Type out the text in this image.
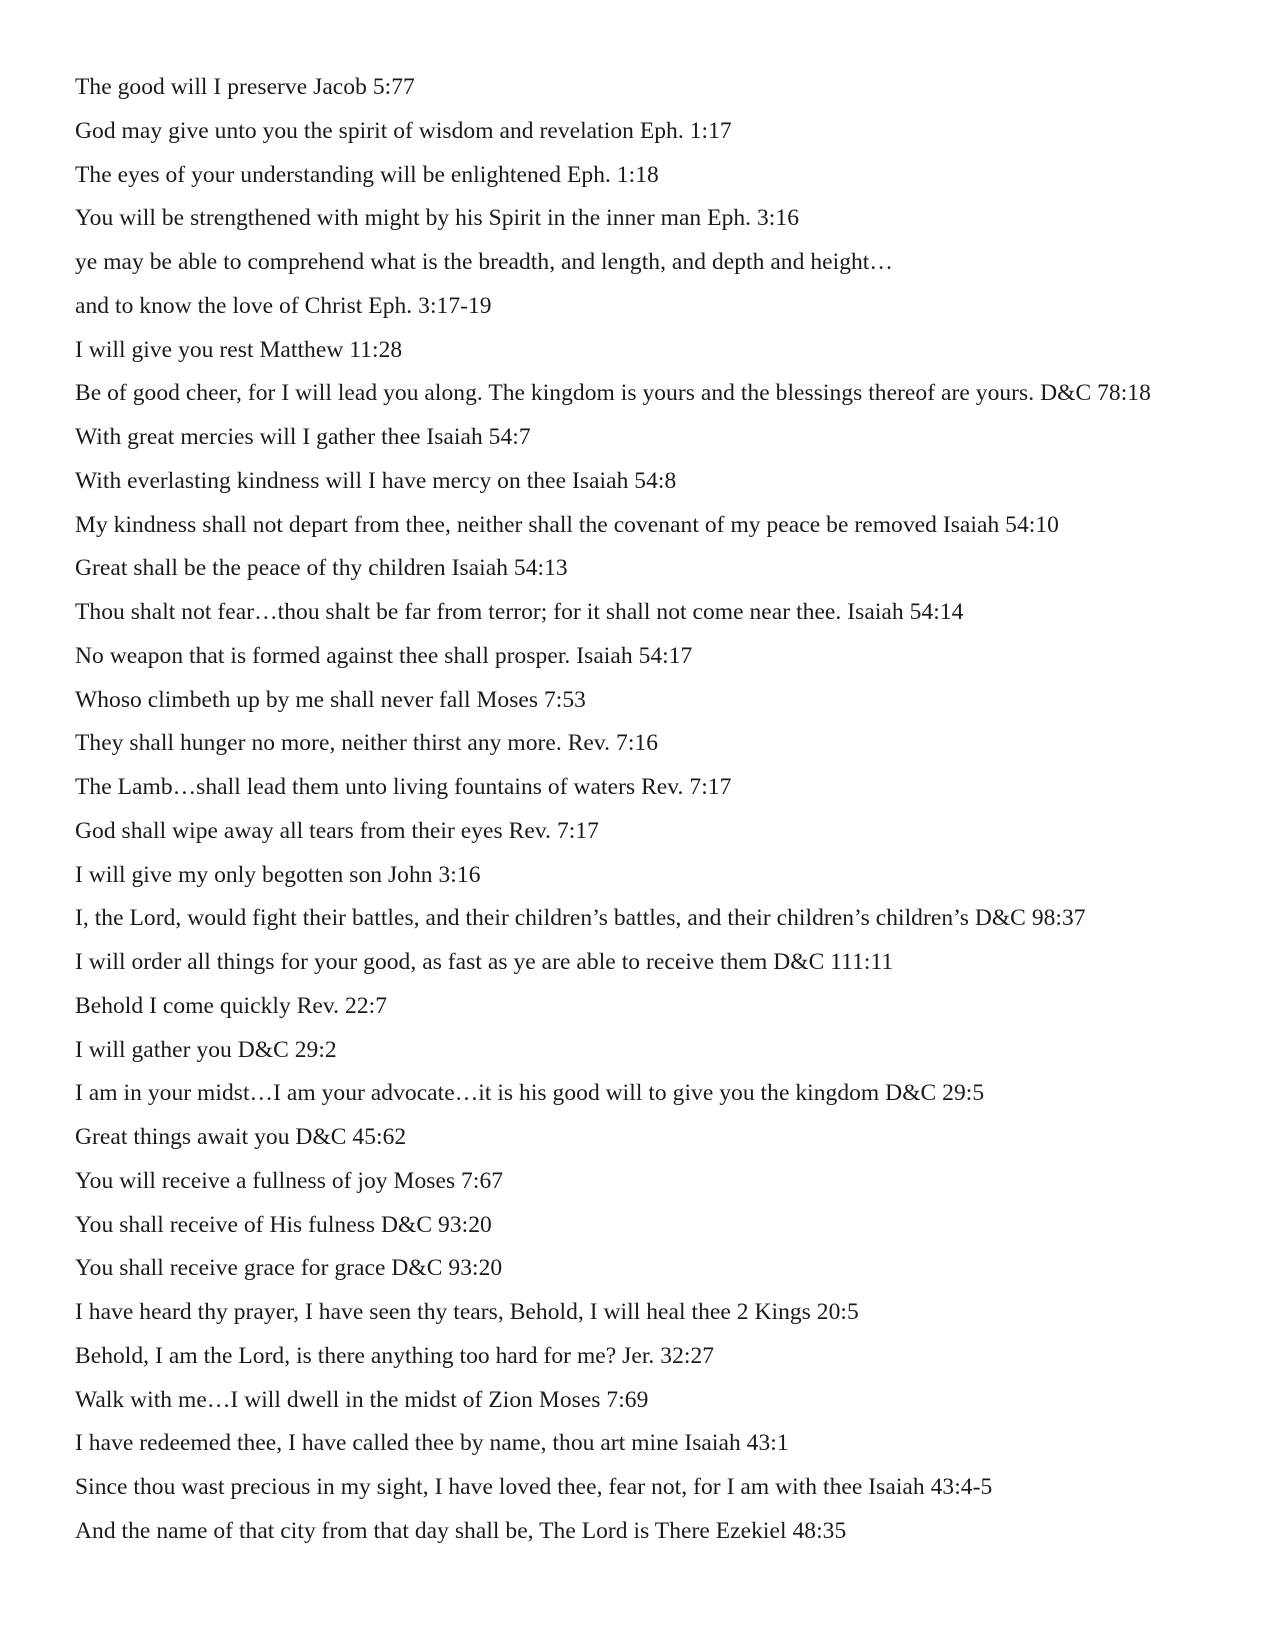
The good will I preserve Jacob 5:77
God may give unto you the spirit of wisdom and revelation Eph. 1:17
The eyes of your understanding will be enlightened Eph. 1:18
You will be strengthened with might by his Spirit in the inner man Eph. 3:16
ye may be able to comprehend what is the breadth, and length, and depth and height…
and to know the love of Christ Eph. 3:17-19
I will give you rest Matthew 11:28
Be of good cheer, for I will lead you along. The kingdom is yours and the blessings thereof are yours. D&C 78:18
With great mercies will I gather thee Isaiah 54:7
With everlasting kindness will I have mercy on thee Isaiah 54:8
My kindness shall not depart from thee, neither shall the covenant of my peace be removed Isaiah 54:10
Great shall be the peace of thy children Isaiah 54:13
Thou shalt not fear…thou shalt be far from terror; for it shall not come near thee. Isaiah 54:14
No weapon that is formed against thee shall prosper. Isaiah 54:17
Whoso climbeth up by me shall never fall Moses 7:53
They shall hunger no more, neither thirst any more. Rev. 7:16
The Lamb…shall lead them unto living fountains of waters Rev. 7:17
God shall wipe away all tears from their eyes Rev. 7:17
I will give my only begotten son John 3:16
I, the Lord, would fight their battles, and their children’s battles, and their children’s children’s D&C 98:37
I will order all things for your good, as fast as ye are able to receive them D&C 111:11
Behold I come quickly Rev. 22:7
I will gather you D&C 29:2
I am in your midst…I am your advocate…it is his good will to give you the kingdom D&C 29:5
Great things await you D&C 45:62
You will receive a fullness of joy Moses 7:67
You shall receive of His fulness D&C 93:20
You shall receive grace for grace D&C 93:20
I have heard thy prayer, I have seen thy tears, Behold, I will heal thee 2 Kings 20:5
Behold, I am the Lord, is there anything too hard for me? Jer. 32:27
Walk with me…I will dwell in the midst of Zion Moses 7:69
I have redeemed thee, I have called thee by name, thou art mine Isaiah 43:1
Since thou wast precious in my sight, I have loved thee, fear not, for I am with thee Isaiah 43:4-5
And the name of that city from that day shall be, The Lord is There Ezekiel 48:35
